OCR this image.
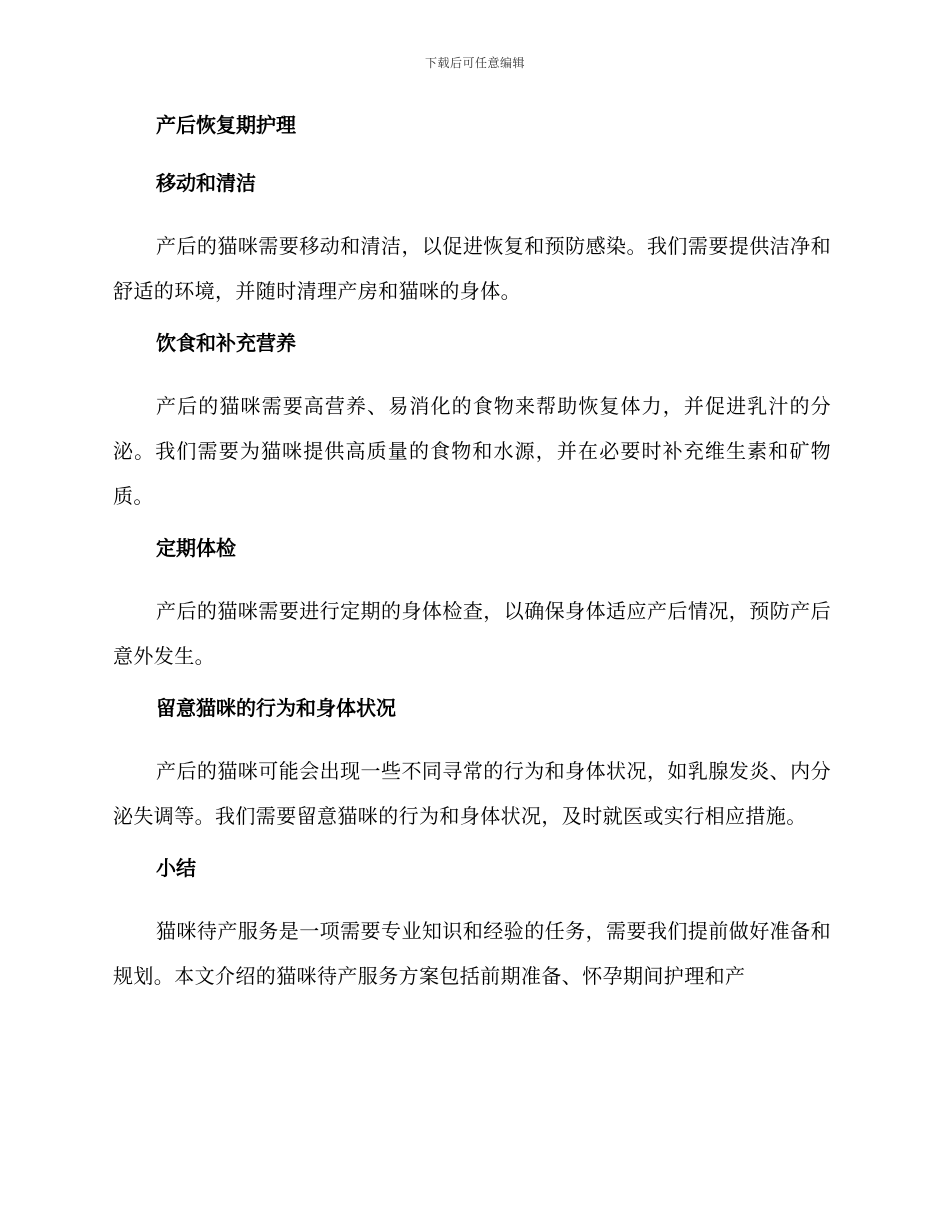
下载后可任意编辑
产后恢复期护理
移动和清洁

产后的猫咪需要移动和清洁，以促进恢复和预防感染。我们需要提供洁净和舒适的环境，并随时清理产房和猫咪的身体。

饮食和补充营养

产后的猫咪需要高营养、易消化的食物来帮助恢复体力，并促进乳汁的分泌。我们需要为猫咪提供高质量的食物和水源，并在必要时补充维生素和矿物质。

定期体检

产后的猫咪需要进行定期的身体检查，以确保身体适应产后情况，预防产后意外发生。

留意猫咪的行为和身体状况

产后的猫咪可能会出现一些不同寻常的行为和身体状况，如乳腺发炎、内分泌失调等。我们需要留意猫咪的行为和身体状况，及时就医或实行相应措施。

小结

猫咪待产服务是一项需要专业知识和经验的任务，需要我们提前做好准备和规划。本文介绍的猫咪待产服务方案包括前期准备、怀孕期间护理和产
